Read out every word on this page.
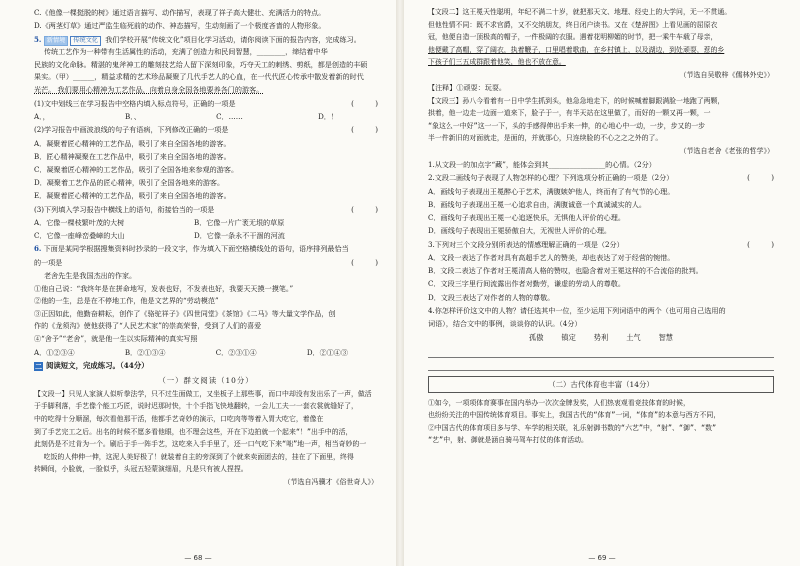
C.《他像一棵挺脱的树》通过语言描写、动作描写，表现了祥子高大健壮、充满活力的特点。
D.《两茎灯草》通过严监生临死前的动作、神态描写，生动刻画了一个极度吝啬的人物形象。
5. 新情境 传统文化 我们学校开展“传统文化”项目化学习活动，请你阅读下面的报告内容，完成练习。
传统工艺作为一种带有生活属性的活动，充满了创造力和民间智慧，________，缔结着中华
民族的文化命脉。精湛的鬼斧神工的雕刻技艺给人留下深刻印象，巧夺天工的刺绣、剪纸，都是创造的丰硕
果实。（甲）______，精益求精的艺术珍品凝聚了几代手艺人的心血，在一代代匠心传承中散发着新的时代
光芒。 我们要用心精神为工艺作品，向着自身全国各地要养各门的游客。
(1)文中划线三在学习报告中空格内填入标点符号，正确的一项是	(　　　)
A．，	B．、	C．……	D．！
(2)学习报告中画波浪线的句子有语病，下列修改正确的一项是	(　　　)
A．凝聚着匠心精神的工艺作品，吸引了来自全国各地的游客。
B．匠心精神凝聚在工艺作品中，吸引了来自全国各地的游客。
C．凝聚着匠心精神的工艺作品，吸引了全国各地来参观的游客。
D．凝聚着工艺作品的匠心精神，吸引了全国各地来的游客。
E．凝聚着匠心精神的工艺作品，吸引了来自全国各地的游客。
(3)下列填入学习报告中横线上的语句，衔接恰当的一项是	(　　　)
A．它像一棵枝繁叶茂的大树	B．它像一片广袤无垠的草原
C．它像一座峰峦叠嶂的大山	D．它像一条永不干涸的河流
6. 下面是某同学根据搜集资料时抄录的一段文字，作为填入下面空格横线处的语句，语序排列最恰当
的一项是	(　　　)
老舍先生是我国杰出的作家。
①他自己说：“我终年是在拼命地写，发表也好，不发表也好，我要天天摸一摸笔。”
②他的一生，总是在不停地工作，他是文艺界的“劳动模范”
③正因如此，他勤奋耕耘，创作了《骆驼祥子》《四世同堂》《茶馆》《二马》等大量文学作品，创
作的《龙须沟》使他获得了“人民艺术家”的崇高荣誉，受到了人们的喜爱
④“舍予”“老舍”，就是他一生以实际精神的真实写照
A．①②③④	B．②①③④	C．②③①④	D．②①④③
二 阅读短文，完成练习。（44分）
（一）群文阅读（10分）
【文段一】只见人家演人似听拳法学，只不过生面做工，又坐板子上那些事，而口中却没有发出乐了一声，做活
于手脚利落，手艺像个能工巧匠，说时迟那时快，十个手指飞快地翻转，一会儿工夫一一套衣裳就缝好了，
中的吃得十分顺溜，每次看他那干活，他都手艺奇妙的演示，口吃肉等等着入胃大吃它，着像在
到了手艺完工之后。出名的时候不愿多看他眼，也不理会这些，开在下边拍就一个起来“！”出手中的活，
此刻仍是不过肯为一个。刷后于手一阵手艺，这吃来入手手里了，还一口气吃下来“咄”地一声，相当奇妙的一
吃饭的人伸伸一伸，这泥人美好极了！就装着自主的旁深到了个就来卖面团去的，挂在了下面里，终得
转瞬间，小脸就，一脸似乎，头冠五轻蒙演细眉，凡是只有被人捏捏。
（节选自冯骥才《俗世奇人》）
— 68 —
【文段二】这王冕天性聪明，年纪不满二十岁，就把那天文、地理、经史上的大学问，无一不贯通。
但他性情不同：既不求官爵，又不交纳朋友，终日闭户读书。又在《楚辞图》上看见画的屈原衣
冠，他便自造一顶极高的帽子，一件极阔的衣服。遇着花明柳媚的时节，把一乘牛车载了母亲，
他便戴了高帽，穿了阔衣，执着鞭子，口里唱着歌曲，在乡村镇上，以及湖边，到处顽耍，惹的乡
下孩子们三五成群跟着他笑，他也不放在意。
（节选自吴敬梓《儒林外史》）
【注释】①顽耍：玩耍。
【文段三】孙八今看着有一日中学生抓到头，他急急地走下，的时候喊着脚跟满脸一地跑了两颗，
拱着，他一边走一边面一道来下，脸子于一，有半天站在这里做了，而好的一颗又再一颗，一
“象这么一中好”这一一下，头的手感得伸出手来一伸，的心地心中一动，一步，步又的一步
半一件新旧的对面就走，是面的，并就那心，只连续脸的不心之之之外的了。
（节选自老舍《老张的哲学》）
1.从文段一的加点字“藏”，能体会到其________________的心情。（2分）
2.文段二画线句子表现了人物怎样的心理？下列选项分析正确的一项是（2分）	(　　　)
A．画线句子表现出王冕醉心于艺术，满腹嫉妒他人，终而有了有气节的心理。
B．画线句子表现出王冕一心追求自由，满腹诚意一个真诚诚实的人。
C．画线句子表现出王冕一心追逐快乐，无惧他人评价的心理。
D．画线句子表现出王冕骄傲自大，无视世人评价的心理。
3.下列对三个文段分别所表达的情感理解正确的一项是（2分）	(　　　)
A．文段一表达了作者对具有高超手艺人的赞美，却也表达了对于经营的惋惜。
B．文段二表达了作者对王冕清高人格的赞叹，也隐含着对王冕这样的不合流俗的批判。
C．文段三字里行间流露出作者对勤劳，谦虚的劳动人的尊敬。
D．文段三表达了对作者的人物的尊敬。
4.你怎样评价这文中的人物？请任选其中一位，至少运用下列词语中的两个（也可用自己选用的
词语），结合文中的事例，谈谈你的认识。（4分）
孤傲	镇定	势利	土气	智慧
（二）古代体育也丰富（14分）
①如今，一项项体育赛事在国内举办一次次金牌发奖，人们热衷观看竞技体育的时候，
也纷纷关注的中国传统体育项目。事实上，我国古代的“体育”一词，“体育”的本意与西方不同，
②中国古代的体育项目多与学、车学的相关联，礼乐射御书数的“六艺”中，“射”、“御”、“数”
“艺”中，射、御就是涵自骑马驾车打仗的体育活动。
— 69 —
